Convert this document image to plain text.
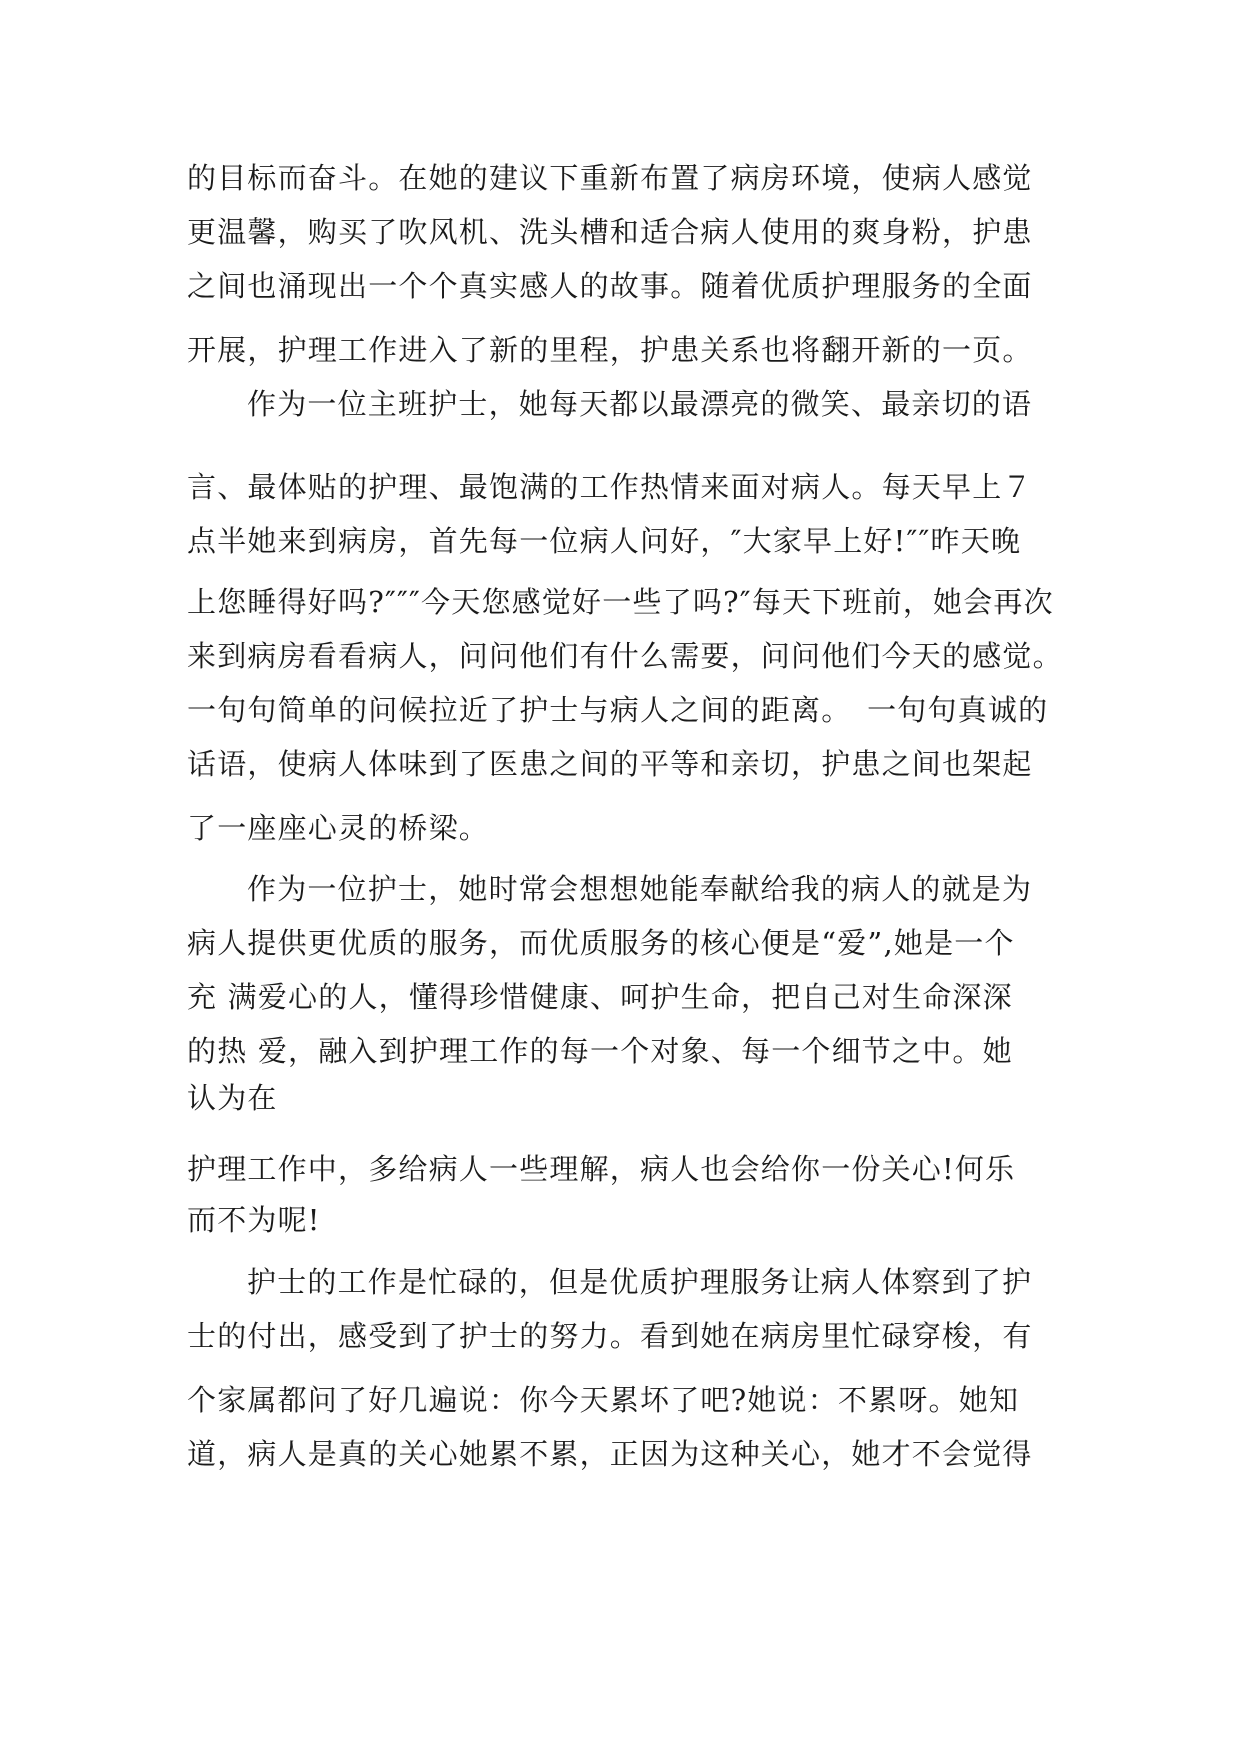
的目标而奋斗。在她的建议下重新布置了病房环境，使病人感觉

更温馨，购买了吹风机、洗头槽和适合病人使用的爽身粉，护患

之间也涌现出一个个真实感人的故事。随着优质护理服务的全面

开展，护理工作进入了新的里程，护患关系也将翻开新的一页。

作为一位主班护士，她每天都以最漂亮的微笑、最亲切的语

言、最体贴的护理、最饱满的工作热情来面对病人。每天早上７

点半她来到病房，首先每一位病人问好，″大家早上好!″″昨天晚

上您睡得好吗?″″″今天您感觉好一些了吗?″每天下班前，她会再次

来到病房看看病人，问问他们有什么需要，问问他们今天的感觉。

一句句简单的问候拉近了护士与病人之间的距离。　一句句真诚的

话语，使病人体味到了医患之间的平等和亲切，护患之间也架起

了一座座心灵的桥梁。

作为一位护士，她时常会想想她能奉献给我的病人的就是为

病人提供更优质的服务，而优质服务的核心便是“爱”,她是一个

充 满爱心的人，懂得珍惜健康、呵护生命，把自己对生命深深

的热 爱，融入到护理工作的每一个对象、每一个细节之中。她

认为在

护理工作中，多给病人一些理解，病人也会给你一份关心!何乐

而不为呢!

护士的工作是忙碌的，但是优质护理服务让病人体察到了护

士的付出，感受到了护士的努力。看到她在病房里忙碌穿梭，有

个家属都问了好几遍说：你今天累坏了吧?她说：不累呀。她知

道，病人是真的关心她累不累，正因为这种关心，她才不会觉得
